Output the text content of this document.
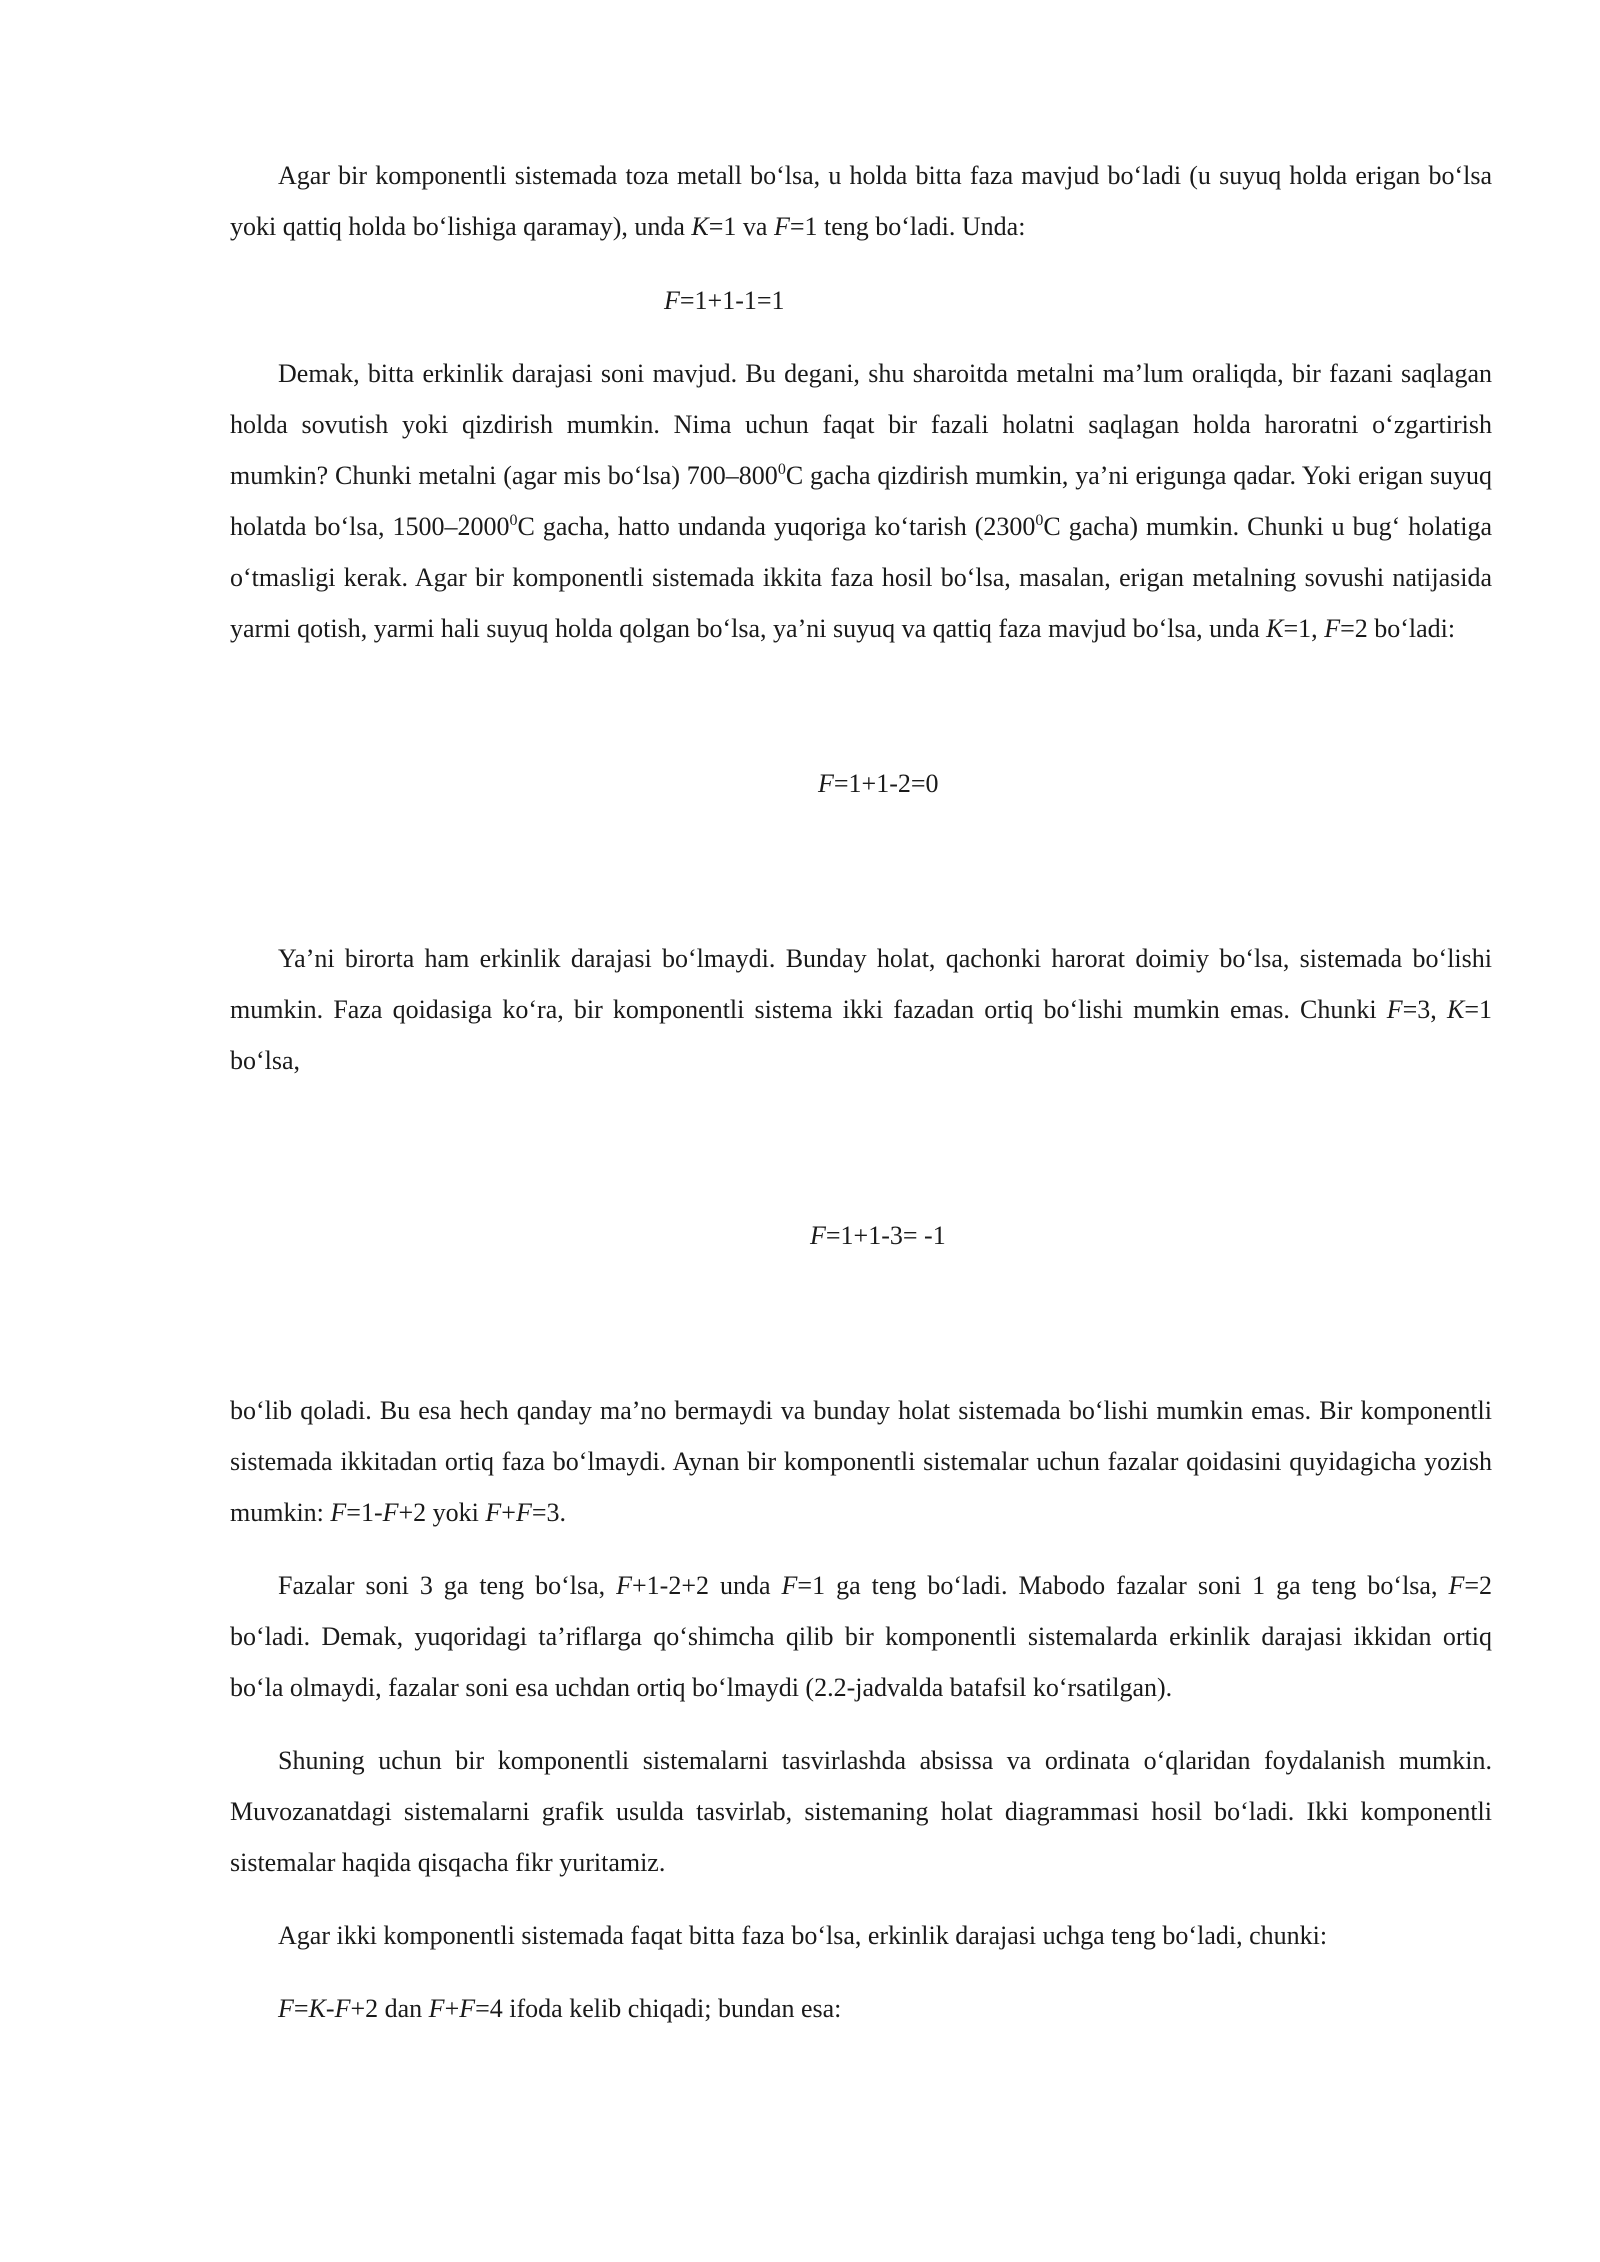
Agar bir komponentli sistemada toza metall bo‘lsa, u holda bitta faza mavjud bo‘ladi (u suyuq holda erigan bo‘lsa yoki qattiq holda bo‘lishiga qaramay), unda K=1 va F=1 teng bo‘ladi. Unda:

F=1+1-1=1

Demak, bitta erkinlik darajasi soni mavjud. Bu degani, shu sharoitda metalni ma’lum oraliqda, bir fazani saqlagan holda sovutish yoki qizdirish mumkin. Nima uchun faqat bir fazali holatni saqlagan holda haroratni o‘zgartirish mumkin? Chunki metalni (agar mis bo‘lsa) $700-800^0C$ gacha qizdirish mumkin, ya’ni erigunga qadar. Yoki erigan suyuq holatda bo‘lsa, 1500–2000$^0$C gacha, hatto undanda yuqoriga ko‘tarish (2300$^0$C gacha) mumkin. Chunki u bug‘ holatiga o‘tmasligi kerak. Agar bir komponentli sistemada ikkita faza hosil bo‘lsa, masalan, erigan metalning sovushi natijasida yarmi qotish, yarmi hali suyuq holda qolgan bo‘lsa, ya’ni suyuq va qattiq faza mavjud bo‘lsa, unda K=1, F=2 bo‘ladi:

F=1+1-2=0

Ya’ni birorta ham erkinlik darajasi bo‘lmaydi. Bunday holat, qachonki harorat doimiy bo‘lsa, sistemada bo‘lishi mumkin. Faza qoidasiga ko‘ra, bir komponentli sistema ikki fazadan ortiq bo‘lishi mumkin emas. Chunki F=3, K=1 bo‘lsa,

F=1+1-3= -1

bo‘lib qoladi. Bu esa hech qanday ma’no bermaydi va bunday holat sistemada bo‘lishi mumkin emas. Bir komponentli sistemada ikkitadan ortiq faza bo‘lmaydi. Aynan bir komponentli sistemalar uchun fazalar qoidasini quyidagicha yozish mumkin: F=1-F+2 yoki F+F=3.

Fazalar soni 3 ga teng bo‘lsa, F+1-2+2 unda F=1 ga teng bo‘ladi. Mabodo fazalar soni 1 ga teng bo‘lsa, F=2 bo‘ladi. Demak, yuqoridagi ta’riflarga qo‘shimcha qilib bir komponentli sistemalarda erkinlik darajasi ikkidan ortiq bo‘la olmaydi, fazalar soni esa uchdan ortiq bo‘lmaydi (2.2-jadvalda batafsil ko‘rsatilgan).

Shuning uchun bir komponentli sistemalarni tasvirlashda absissa va ordinata o‘qlaridan foydalanish mumkin. Muvozanatdagi sistemalarni grafik usulda tasvirlab, sistemaning holat diagrammasi hosil bo‘ladi. Ikki komponentli sistemalar haqida qisqacha fikr yuritamiz.

Agar ikki komponentli sistemada faqat bitta faza bo‘lsa, erkinlik darajasi uchga teng bo‘ladi, chunki:

F=K-F+2 dan F+F=4 ifoda kelib chiqadi; bundan esa:
